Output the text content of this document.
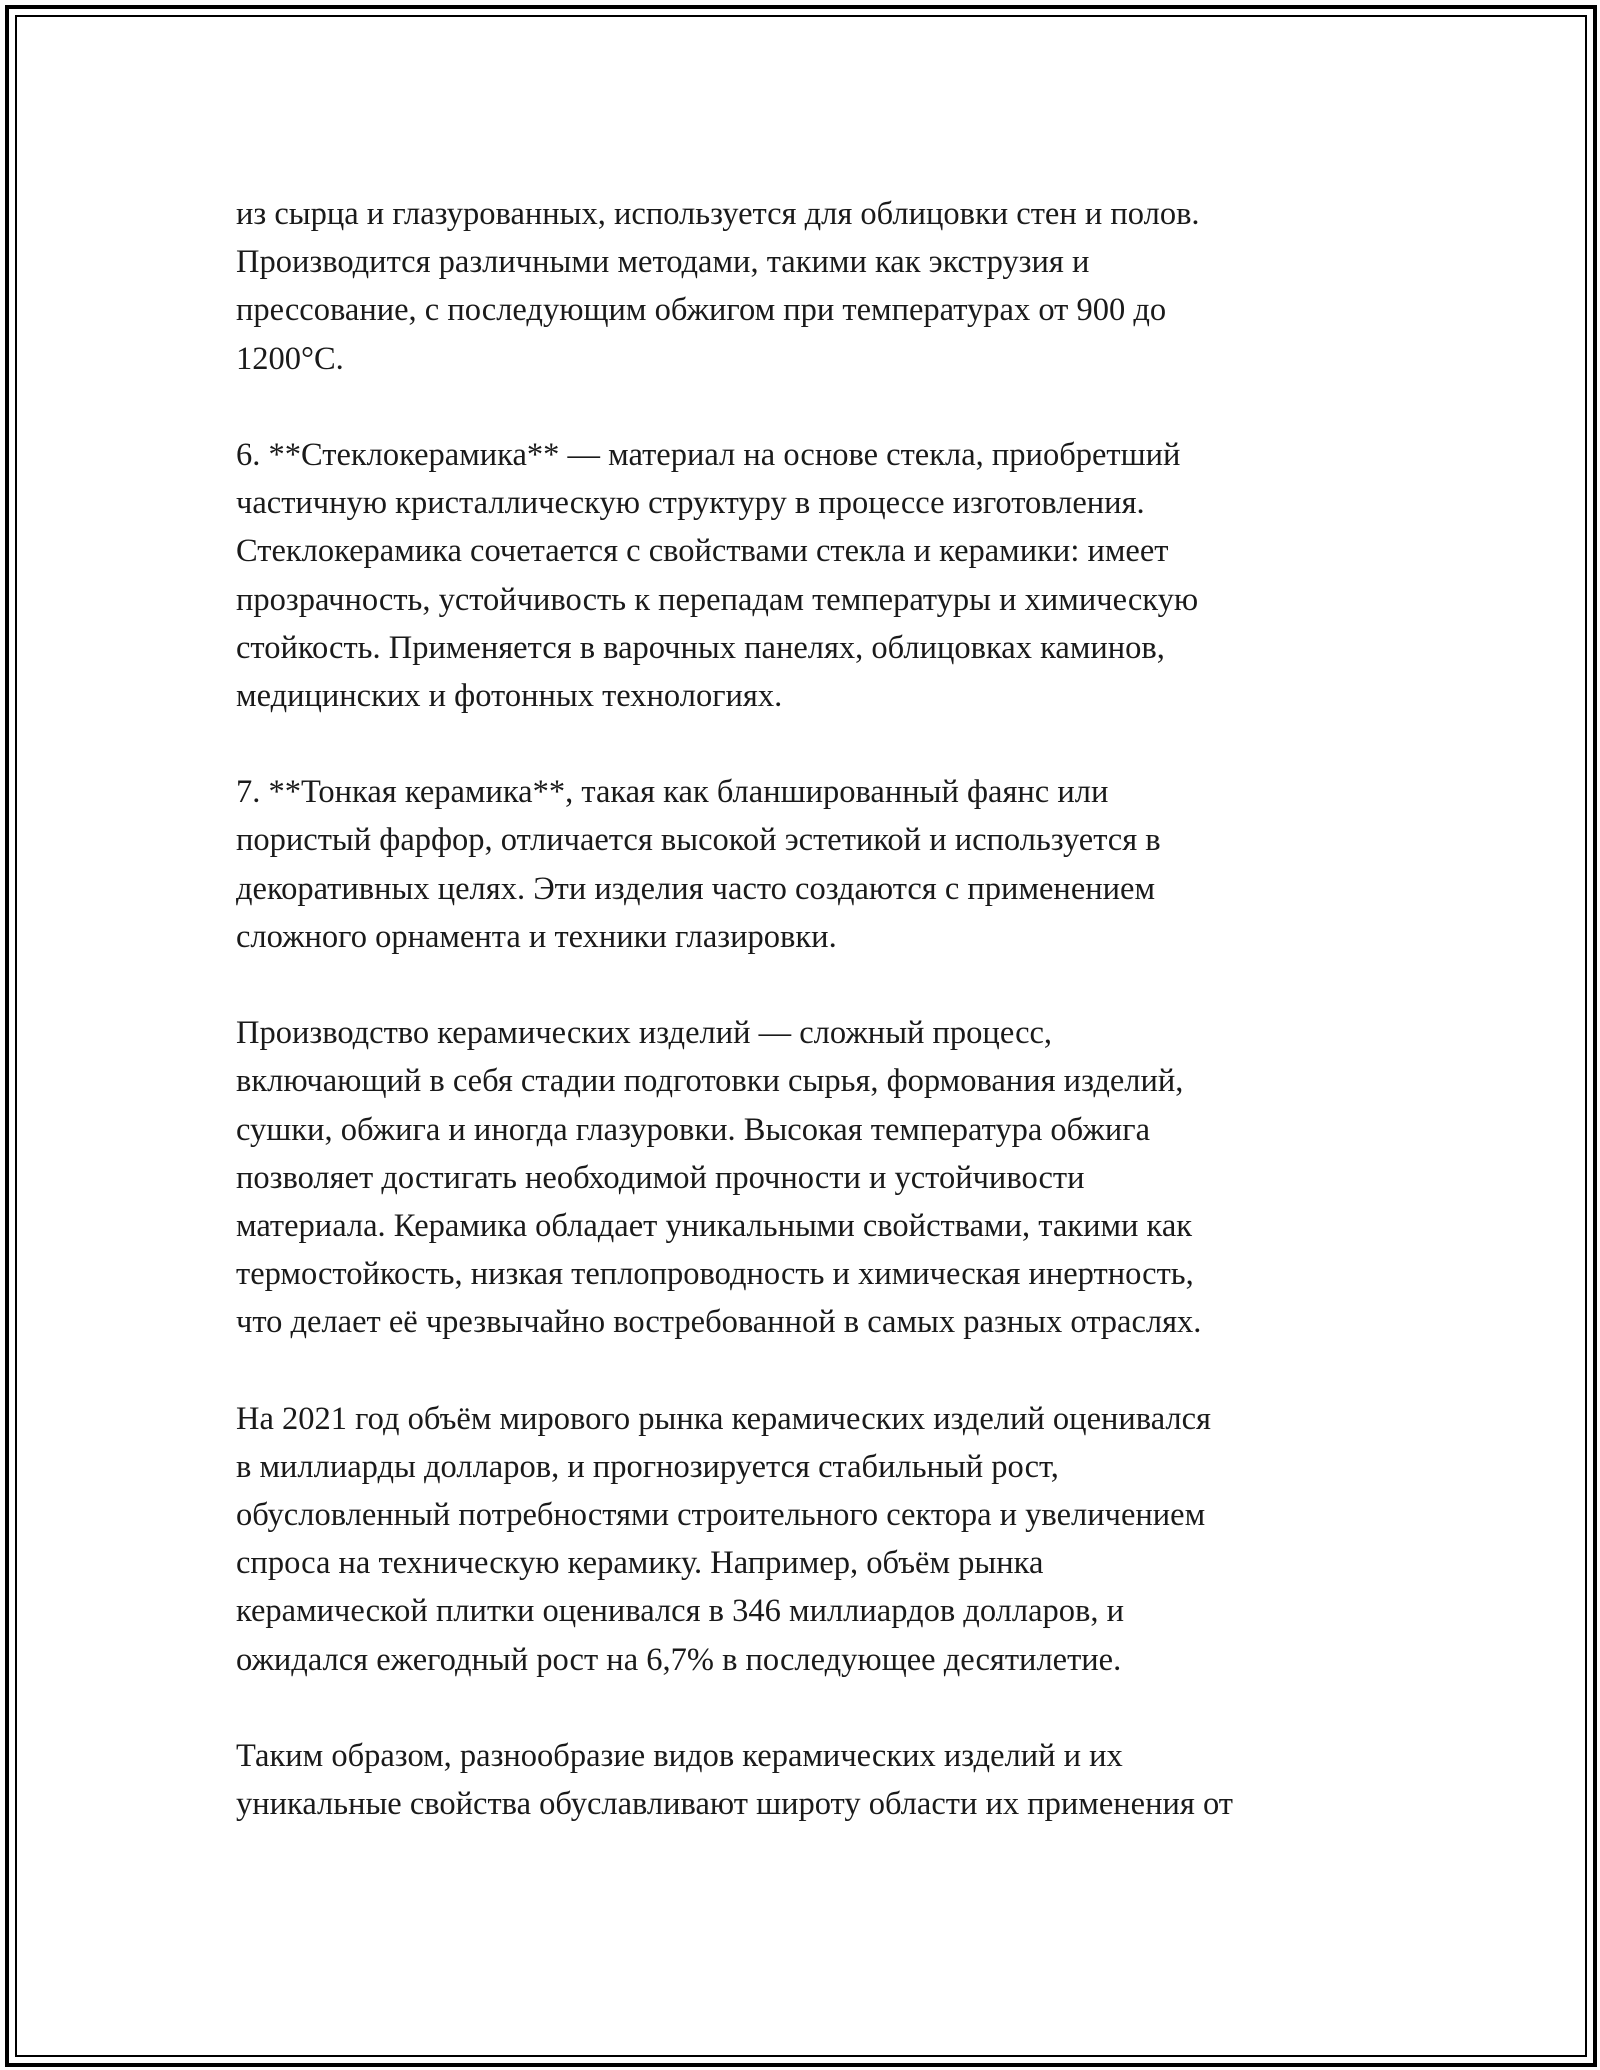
из сырца и глазурованных, используется для облицовки стен и полов.
Производится различными методами, такими как экструзия и
прессование, с последующим обжигом при температурах от 900 до
1200°C.
6. **Стеклокерамика** — материал на основе стекла, приобретший
частичную кристаллическую структуру в процессе изготовления.
Стеклокерамика сочетается с свойствами стекла и керамики: имеет
прозрачность, устойчивость к перепадам температуры и химическую
стойкость. Применяется в варочных панелях, облицовках каминов,
медицинских и фотонных технологиях.
7. **Тонкая керамика**, такая как бланшированный фаянс или
пористый фарфор, отличается высокой эстетикой и используется в
декоративных целях. Эти изделия часто создаются с применением
сложного орнамента и техники глазировки.
Производство керамических изделий — сложный процесс,
включающий в себя стадии подготовки сырья, формования изделий,
сушки, обжига и иногда глазуровки. Высокая температура обжига
позволяет достигать необходимой прочности и устойчивости
материала. Керамика обладает уникальными свойствами, такими как
термостойкость, низкая теплопроводность и химическая инертность,
что делает её чрезвычайно востребованной в самых разных отраслях.
На 2021 год объём мирового рынка керамических изделий оценивался
в миллиарды долларов, и прогнозируется стабильный рост,
обусловленный потребностями строительного сектора и увеличением
спроса на техническую керамику. Например, объём рынка
керамической плитки оценивался в 346 миллиардов долларов, и
ожидался ежегодный рост на 6,7% в последующее десятилетие.
Таким образом, разнообразие видов керамических изделий и их
уникальные свойства обуславливают широту области их применения от
